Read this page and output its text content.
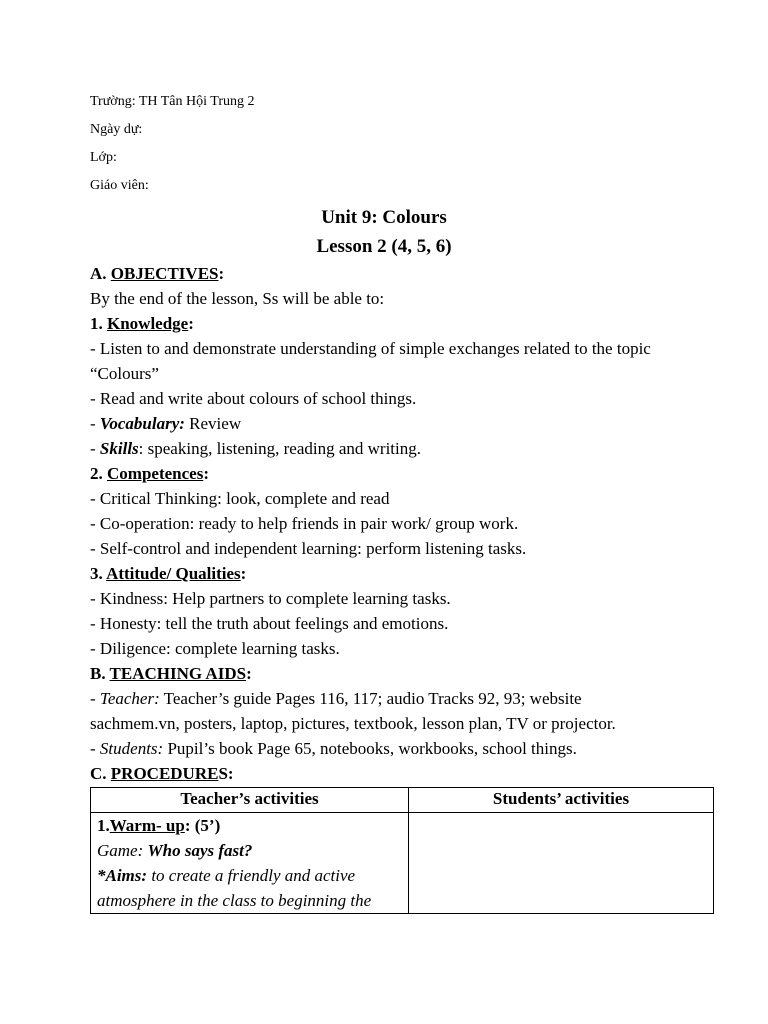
Trường: TH Tân Hội Trung 2
Ngày dự:
Lớp:
Giáo viên:
Unit 9: Colours
Lesson 2 (4, 5, 6)
A. OBJECTIVES:
By the end of the lesson, Ss will be able to:
1. Knowledge:
- Listen to and demonstrate understanding of simple exchanges related to the topic
“Colours”
- Read and write about colours of school things.
- Vocabulary: Review
- Skills: speaking, listening, reading and writing.
2. Competences:
- Critical Thinking: look, complete and read
- Co-operation: ready to help friends in pair work/ group work.
- Self-control and independent learning: perform listening tasks.
3. Attitude/ Qualities:
- Kindness: Help partners to complete learning tasks.
- Honesty: tell the truth about feelings and emotions.
- Diligence: complete learning tasks.
B. TEACHING AIDS:
- Teacher: Teacher’s guide Pages 116, 117; audio Tracks 92, 93; website
sachmem.vn, posters, laptop, pictures, textbook, lesson plan, TV or projector.
- Students: Pupil’s book Page 65, notebooks, workbooks, school things.
C. PROCEDURES:
Teacher’s activities	Students’ activities

1.Warm- up: (5’)
Game: Who says fast?
*Aims: to create a friendly and active
atmosphere in the class to beginning the	
